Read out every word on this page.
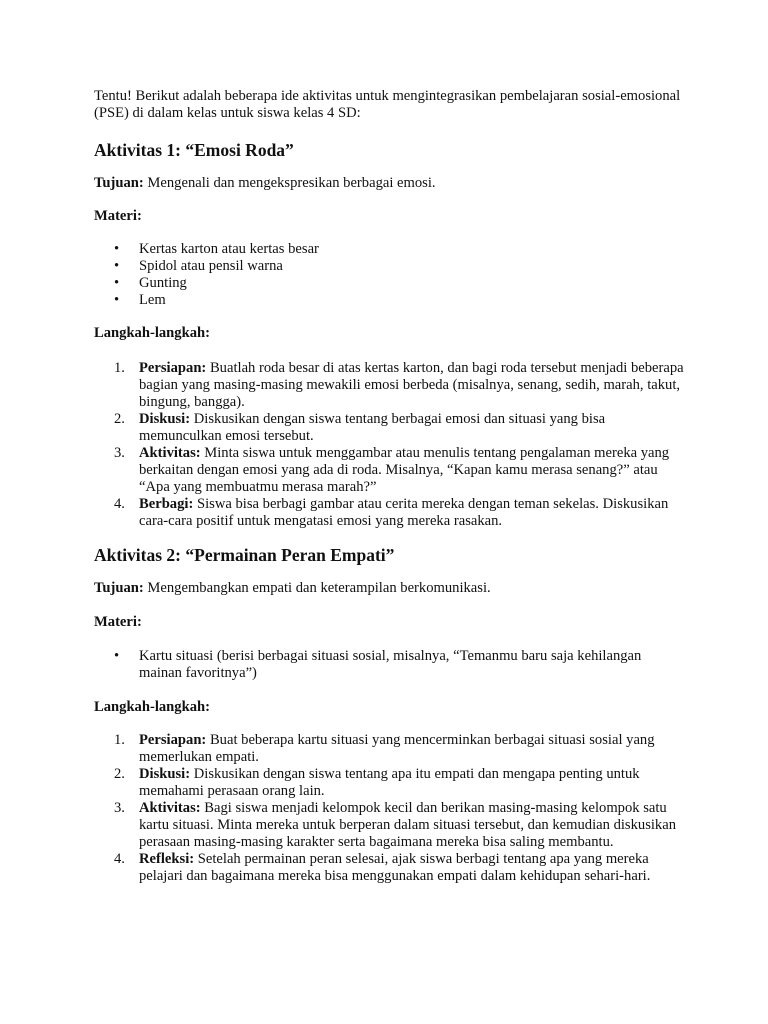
Tentu! Berikut adalah beberapa ide aktivitas untuk mengintegrasikan pembelajaran sosial-emosional (PSE) di dalam kelas untuk siswa kelas 4 SD:

Aktivitas 1: “Emosi Roda”

Tujuan: Mengenali dan mengekspresikan berbagai emosi.

Materi:

• Kertas karton atau kertas besar
• Spidol atau pensil warna
• Gunting
• Lem

Langkah-langkah:

1. Persiapan: Buatlah roda besar di atas kertas karton, dan bagi roda tersebut menjadi beberapa bagian yang masing-masing mewakili emosi berbeda (misalnya, senang, sedih, marah, takut, bingung, bangga).
2. Diskusi: Diskusikan dengan siswa tentang berbagai emosi dan situasi yang bisa memunculkan emosi tersebut.
3. Aktivitas: Minta siswa untuk menggambar atau menulis tentang pengalaman mereka yang berkaitan dengan emosi yang ada di roda. Misalnya, “Kapan kamu merasa senang?” atau “Apa yang membuatmu merasa marah?”
4. Berbagi: Siswa bisa berbagi gambar atau cerita mereka dengan teman sekelas. Diskusikan cara-cara positif untuk mengatasi emosi yang mereka rasakan.
Aktivitas 2: “Permainan Peran Empati”

Tujuan: Mengembangkan empati dan keterampilan berkomunikasi.

Materi:

• Kartu situasi (berisi berbagai situasi sosial, misalnya, “Temanmu baru saja kehilangan mainan favoritnya”)

Langkah-langkah:

1. Persiapan: Buat beberapa kartu situasi yang mencerminkan berbagai situasi sosial yang memerlukan empati.
2. Diskusi: Diskusikan dengan siswa tentang apa itu empati dan mengapa penting untuk memahami perasaan orang lain.
3. Aktivitas: Bagi siswa menjadi kelompok kecil dan berikan masing-masing kelompok satu kartu situasi. Minta mereka untuk berperan dalam situasi tersebut, dan kemudian diskusikan perasaan masing-masing karakter serta bagaimana mereka bisa saling membantu.
4. Refleksi: Setelah permainan peran selesai, ajak siswa berbagi tentang apa yang mereka pelajari dan bagaimana mereka bisa menggunakan empati dalam kehidupan sehari-hari.
